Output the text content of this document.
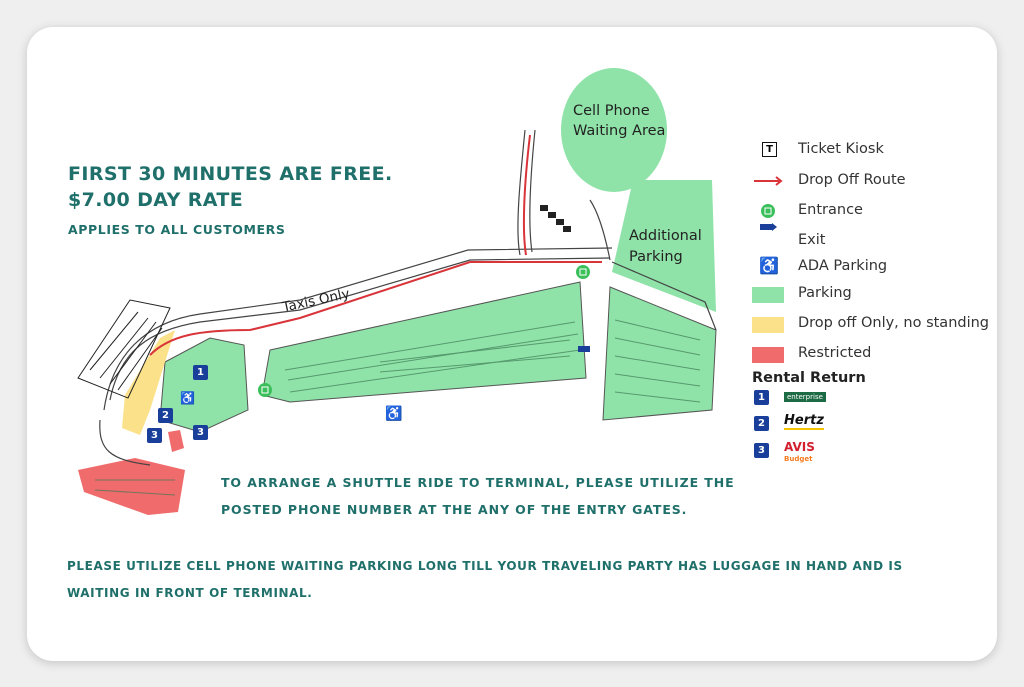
♿
♿
1
2
3	3
Cell Phone
Waiting Area
Additional
Parking
Taxis Only
FIRST 30 MINUTES ARE FREE.
$7.00 DAY RATE
APPLIES TO ALL CUSTOMERS
T Ticket Kiosk
Drop Off Route
Entrance
Exit
♿ ADA Parking
Parking
Drop off Only, no standing
Restricted
Rental Return
1	enterprise
2	Hertz
3	AVIS
Budget
TO ARRANGE A SHUTTLE RIDE TO TERMINAL, PLEASE UTILIZE THE
POSTED PHONE NUMBER AT THE ANY OF THE ENTRY GATES.
PLEASE UTILIZE CELL PHONE WAITING PARKING LONG TILL YOUR TRAVELING PARTY HAS LUGGAGE IN HAND AND IS
WAITING IN FRONT OF TERMINAL.
